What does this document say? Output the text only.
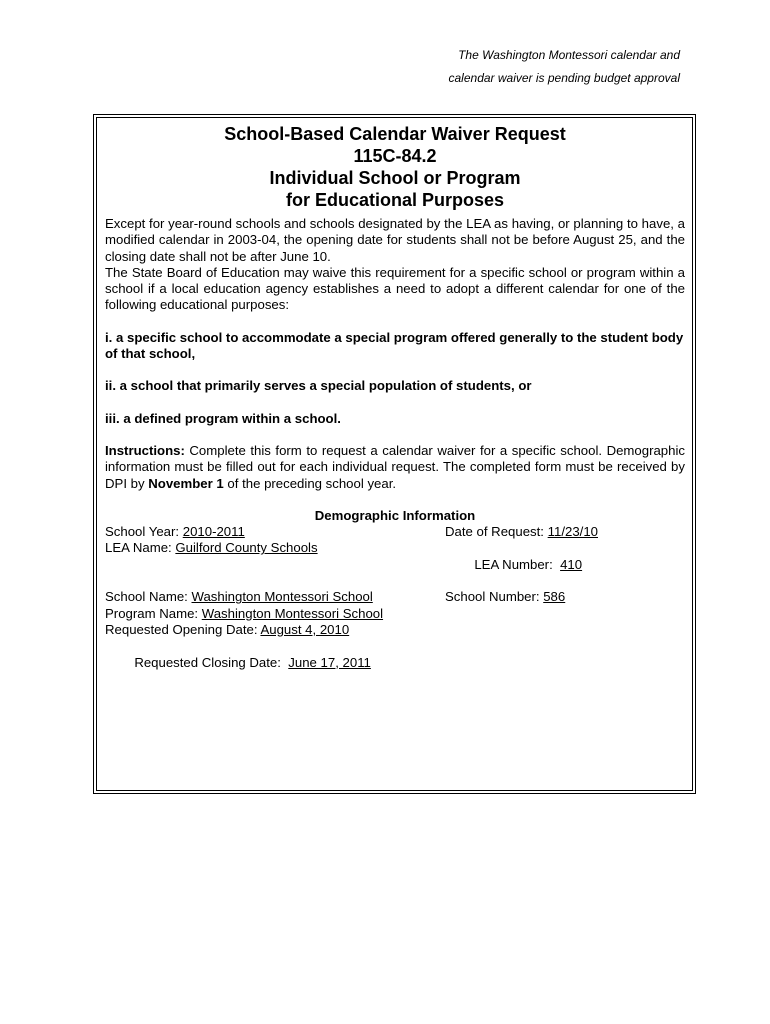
The Washington Montessori calendar and
calendar waiver is pending budget approval
School-Based Calendar Waiver Request
115C-84.2
Individual School or Program
for Educational Purposes

Except for year-round schools and schools designated by the LEA as having, or planning to have, a modified calendar in 2003-04, the opening date for students shall not be before August 25, and the closing date shall not be after June 10.

The State Board of Education may waive this requirement for a specific school or program within a school if a local education agency establishes a need to adopt a different calendar for one of the following educational purposes:

i. a specific school to accommodate a special program offered generally to the student body of that school,

ii. a school that primarily serves a special population of students, or

iii. a defined program within a school.

Instructions: Complete this form to request a calendar waiver for a specific school. Demographic information must be filled out for each individual request. The completed form must be received by DPI by November 1 of the preceding school year.

Demographic Information
School Year: 2010-2011	Date of Request: 11/23/10
LEA Name: Guilford County Schools

LEA Number:  410

School Name: Washington Montessori School	School Number: 586
Program Name: Washington Montessori School
Requested Opening Date: August 4, 2010

Requested Closing Date:  June 17, 2011
